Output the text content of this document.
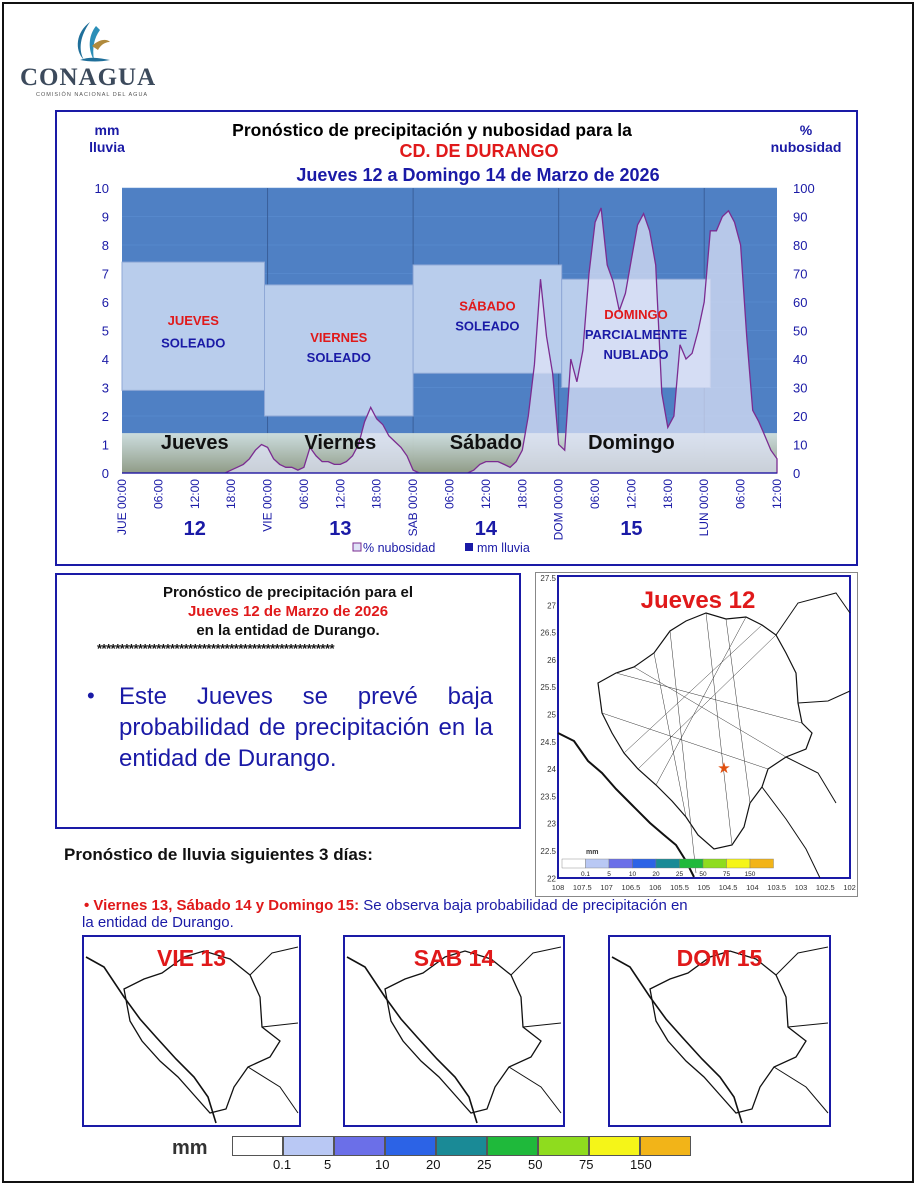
CONAGUA
COMISIÓN NACIONAL DEL AGUA
Pronóstico de precipitación y nubosidad para la
CD. DE DURANGO
Jueves 12 a Domingo 14 de Marzo de 2026
mm
lluvia
%
nubosidad
JUEVES
SOLEADO	VIERNES
SOLEADO
SÁBADO
SOLEADO
DOMINGO
PARCIALMENTE
NUBLADO
Jueves	Viernes	Sábado	Domingo
0
1
2
3
4
5
6
7
8
9
10
0
10
20
30
40
50
60
70
80
90
100
JUE 00:00 06:00 12:00 18:00 VIE 00:00 06:00 12:00 18:00 SAB 00:00 06:00 12:00 18:00 DOM 00:00 06:00 12:00 18:00 LUN 00:00 06:00 12:00
12	13	14	15
% nubosidad	mm lluvia
Pronóstico de precipitación para el
Jueves 12 de Marzo de 2026
en la entidad de Durango.
****************************************************
• Este Jueves se prevé baja probabilidad de precipitación en la entidad de Durango.
Jueves 12
★
27.5
27
26.5
26
25.5
25
24.5
24
23.5
23
22.5
22
108 107.5 107 106.5 106 105.5 105 104.5 104 103.5 103 102.5 102
mm
0.1	5	10	20	25	50	75 150
Pronóstico de lluvia siguientes 3 días:
• Viernes 13, Sábado 14 y Domingo 15: Se observa baja probabilidad de precipitación en
la entidad de Durango.
VIE 13	SAB 14	DOM 15
mm
0.1	5	10	20	25	50	75	150
